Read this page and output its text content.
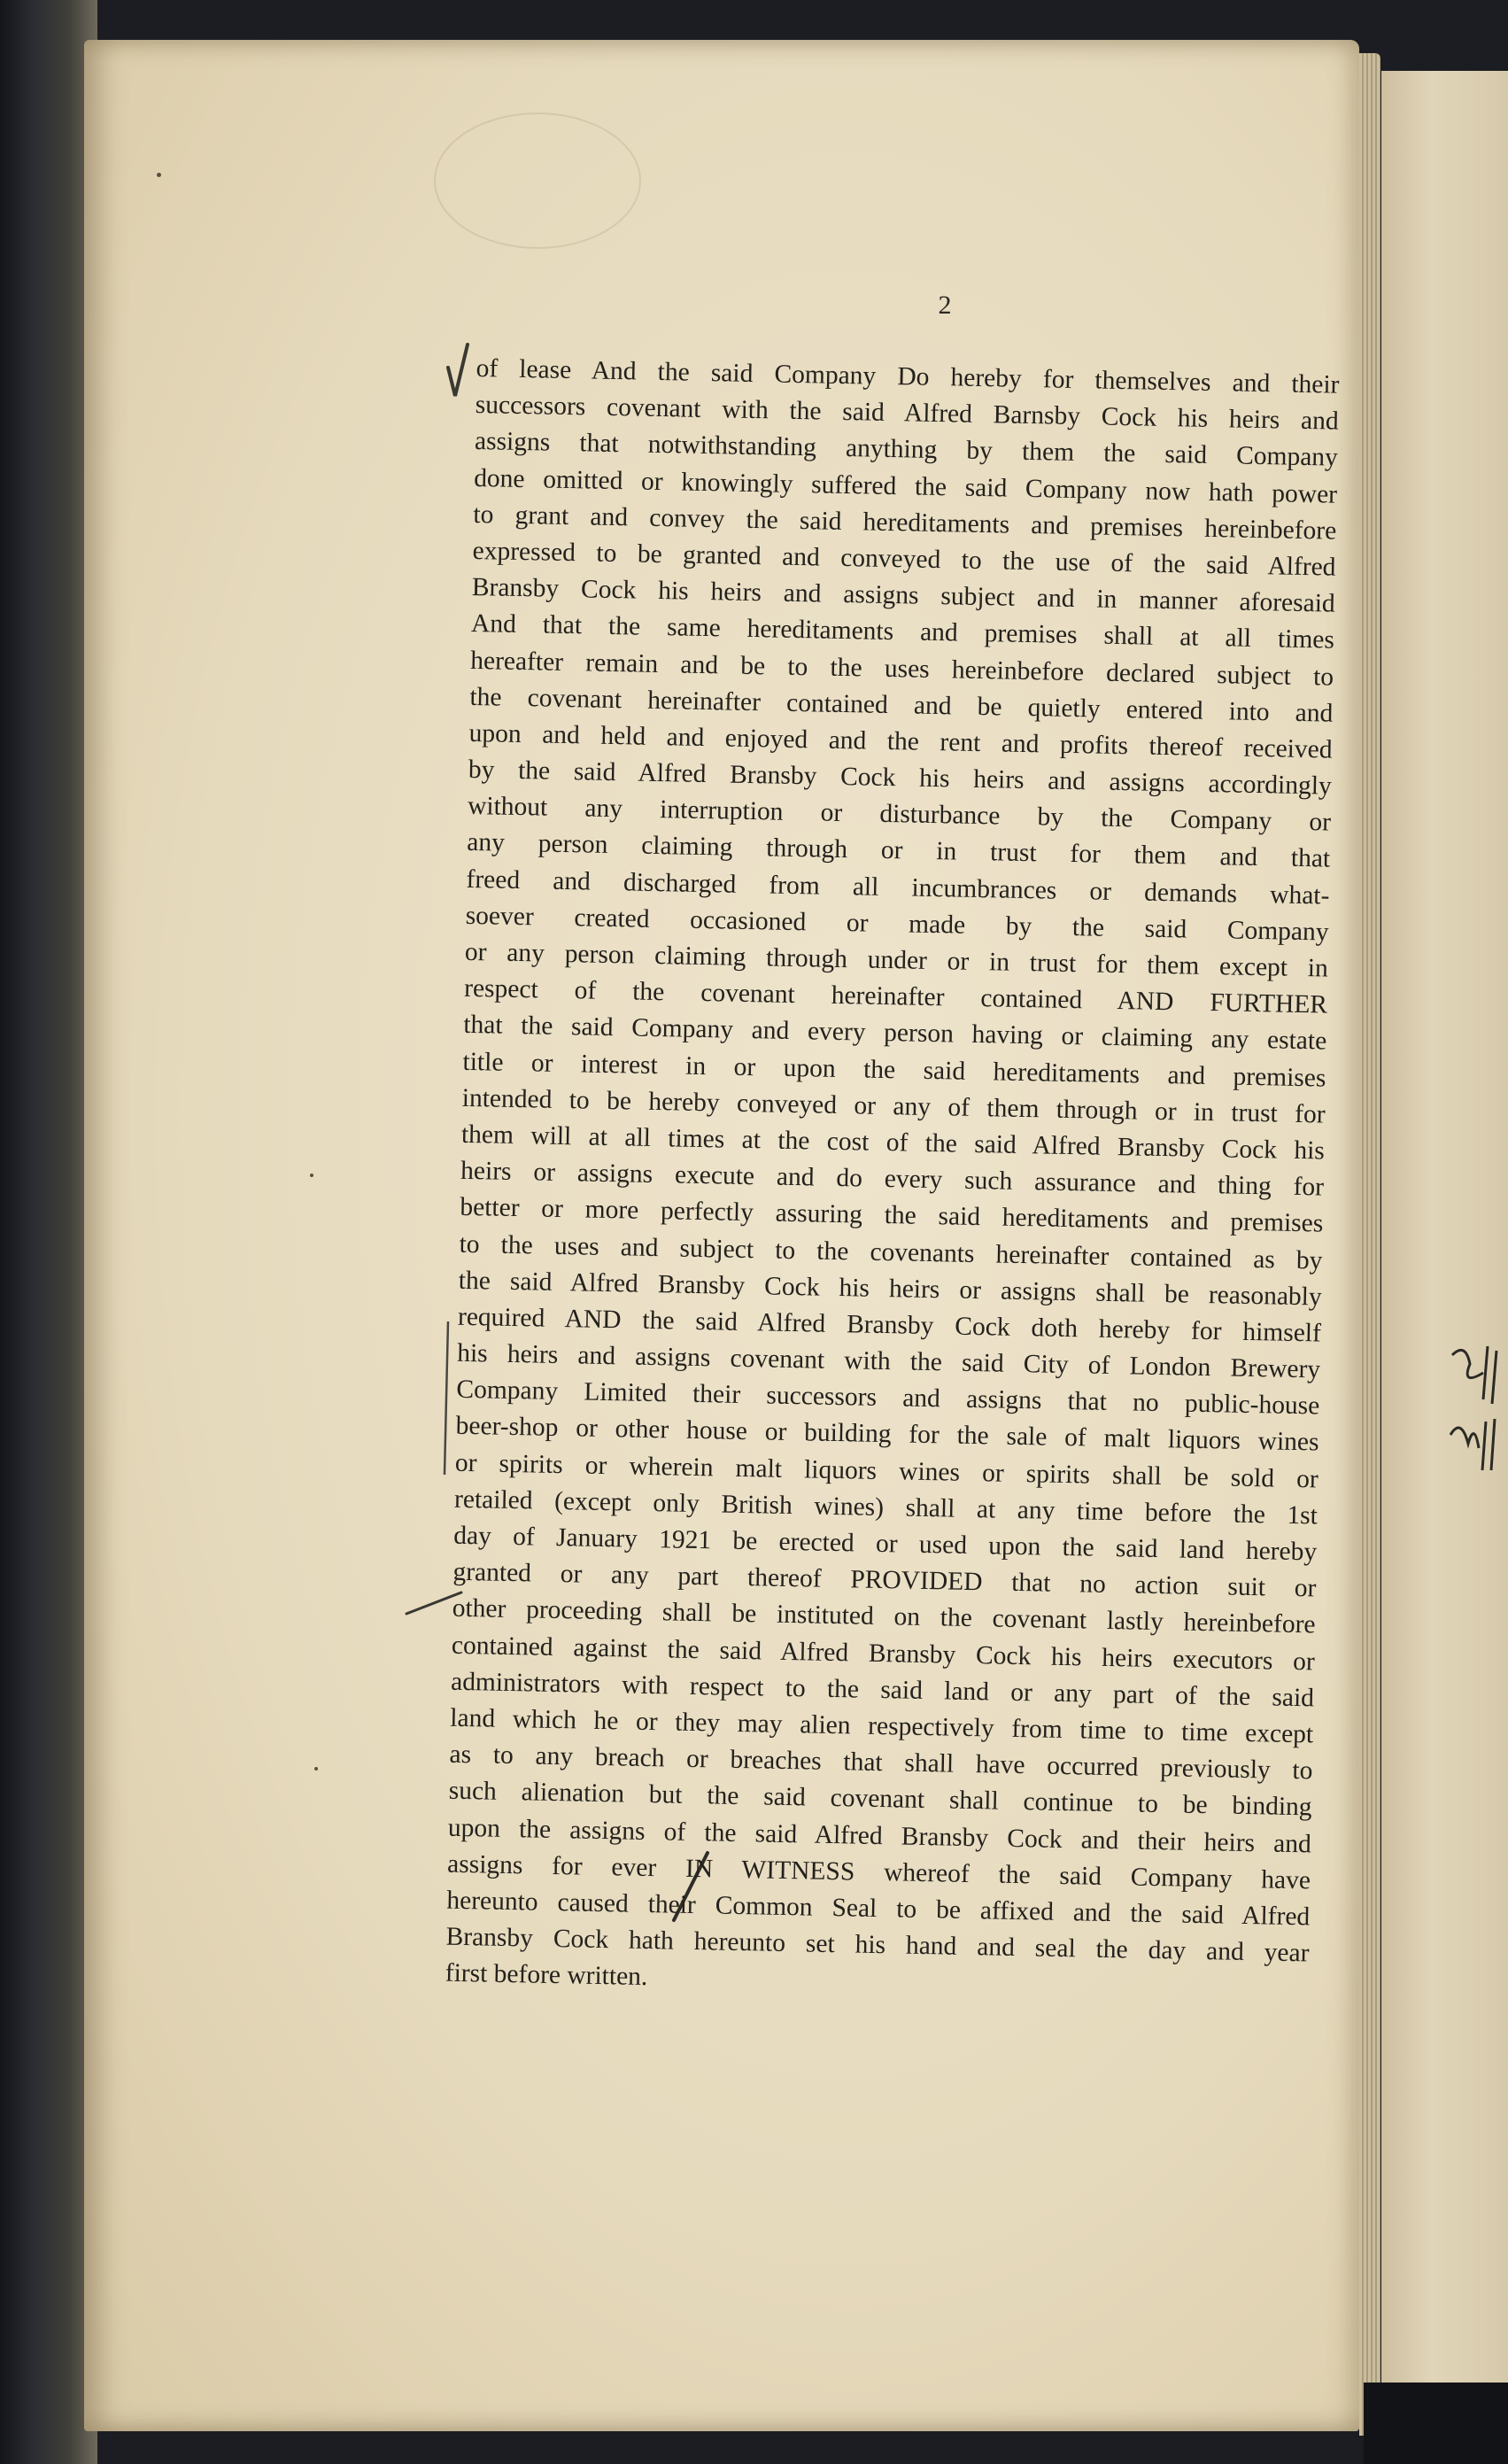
2
of lease And the said Company Do hereby for themselves and their
successors covenant with the said Alfred Barnsby Cock his heirs and
assigns that notwithstanding anything by them the said Company
done omitted or knowingly suffered the said Company now hath power
to grant and convey the said hereditaments and premises hereinbefore
expressed to be granted and conveyed to the use of the said Alfred
Bransby Cock his heirs and assigns subject and in manner aforesaid
And that the same hereditaments and premises shall at all times
hereafter remain and be to the uses hereinbefore declared subject to
the covenant hereinafter contained and be quietly entered into and
upon and held and enjoyed and the rent and profits thereof received
by the said Alfred Bransby Cock his heirs and assigns accordingly
without any interruption or disturbance by the Company or
any person claiming through or in trust for them and that
freed and discharged from all incumbrances or demands what-
soever created occasioned or made by the said Company
or any person claiming through under or in trust for them except in
respect of the covenant hereinafter contained AND FURTHER
that the said Company and every person having or claiming any estate
title or interest in or upon the said hereditaments and premises
intended to be hereby conveyed or any of them through or in trust for
them will at all times at the cost of the said Alfred Bransby Cock his
heirs or assigns execute and do every such assurance and thing for
better or more perfectly assuring the said hereditaments and premises
to the uses and subject to the covenants hereinafter contained as by
the said Alfred Bransby Cock his heirs or assigns shall be reasonably
required AND the said Alfred Bransby Cock doth hereby for himself
his heirs and assigns covenant with the said City of London Brewery
Company Limited their successors and assigns that no public-house
beer-shop or other house or building for the sale of malt liquors wines
or spirits or wherein malt liquors wines or spirits shall be sold or
retailed (except only British wines) shall at any time before the 1st
day of January 1921 be erected or used upon the said land hereby
granted or any part thereof PROVIDED that no action suit or
other proceeding shall be instituted on the covenant lastly hereinbefore
contained against the said Alfred Bransby Cock his heirs executors or
administrators with respect to the said land or any part of the said
land which he or they may alien respectively from time to time except
as to any breach or breaches that shall have occurred previously to
such alienation but the said covenant shall continue to be binding
upon the assigns of the said Alfred Bransby Cock and their heirs and
assigns for ever IN WITNESS whereof the said Company have
hereunto caused their Common Seal to be affixed and the said Alfred
Bransby Cock hath hereunto set his hand and seal the day and year
first before written.
